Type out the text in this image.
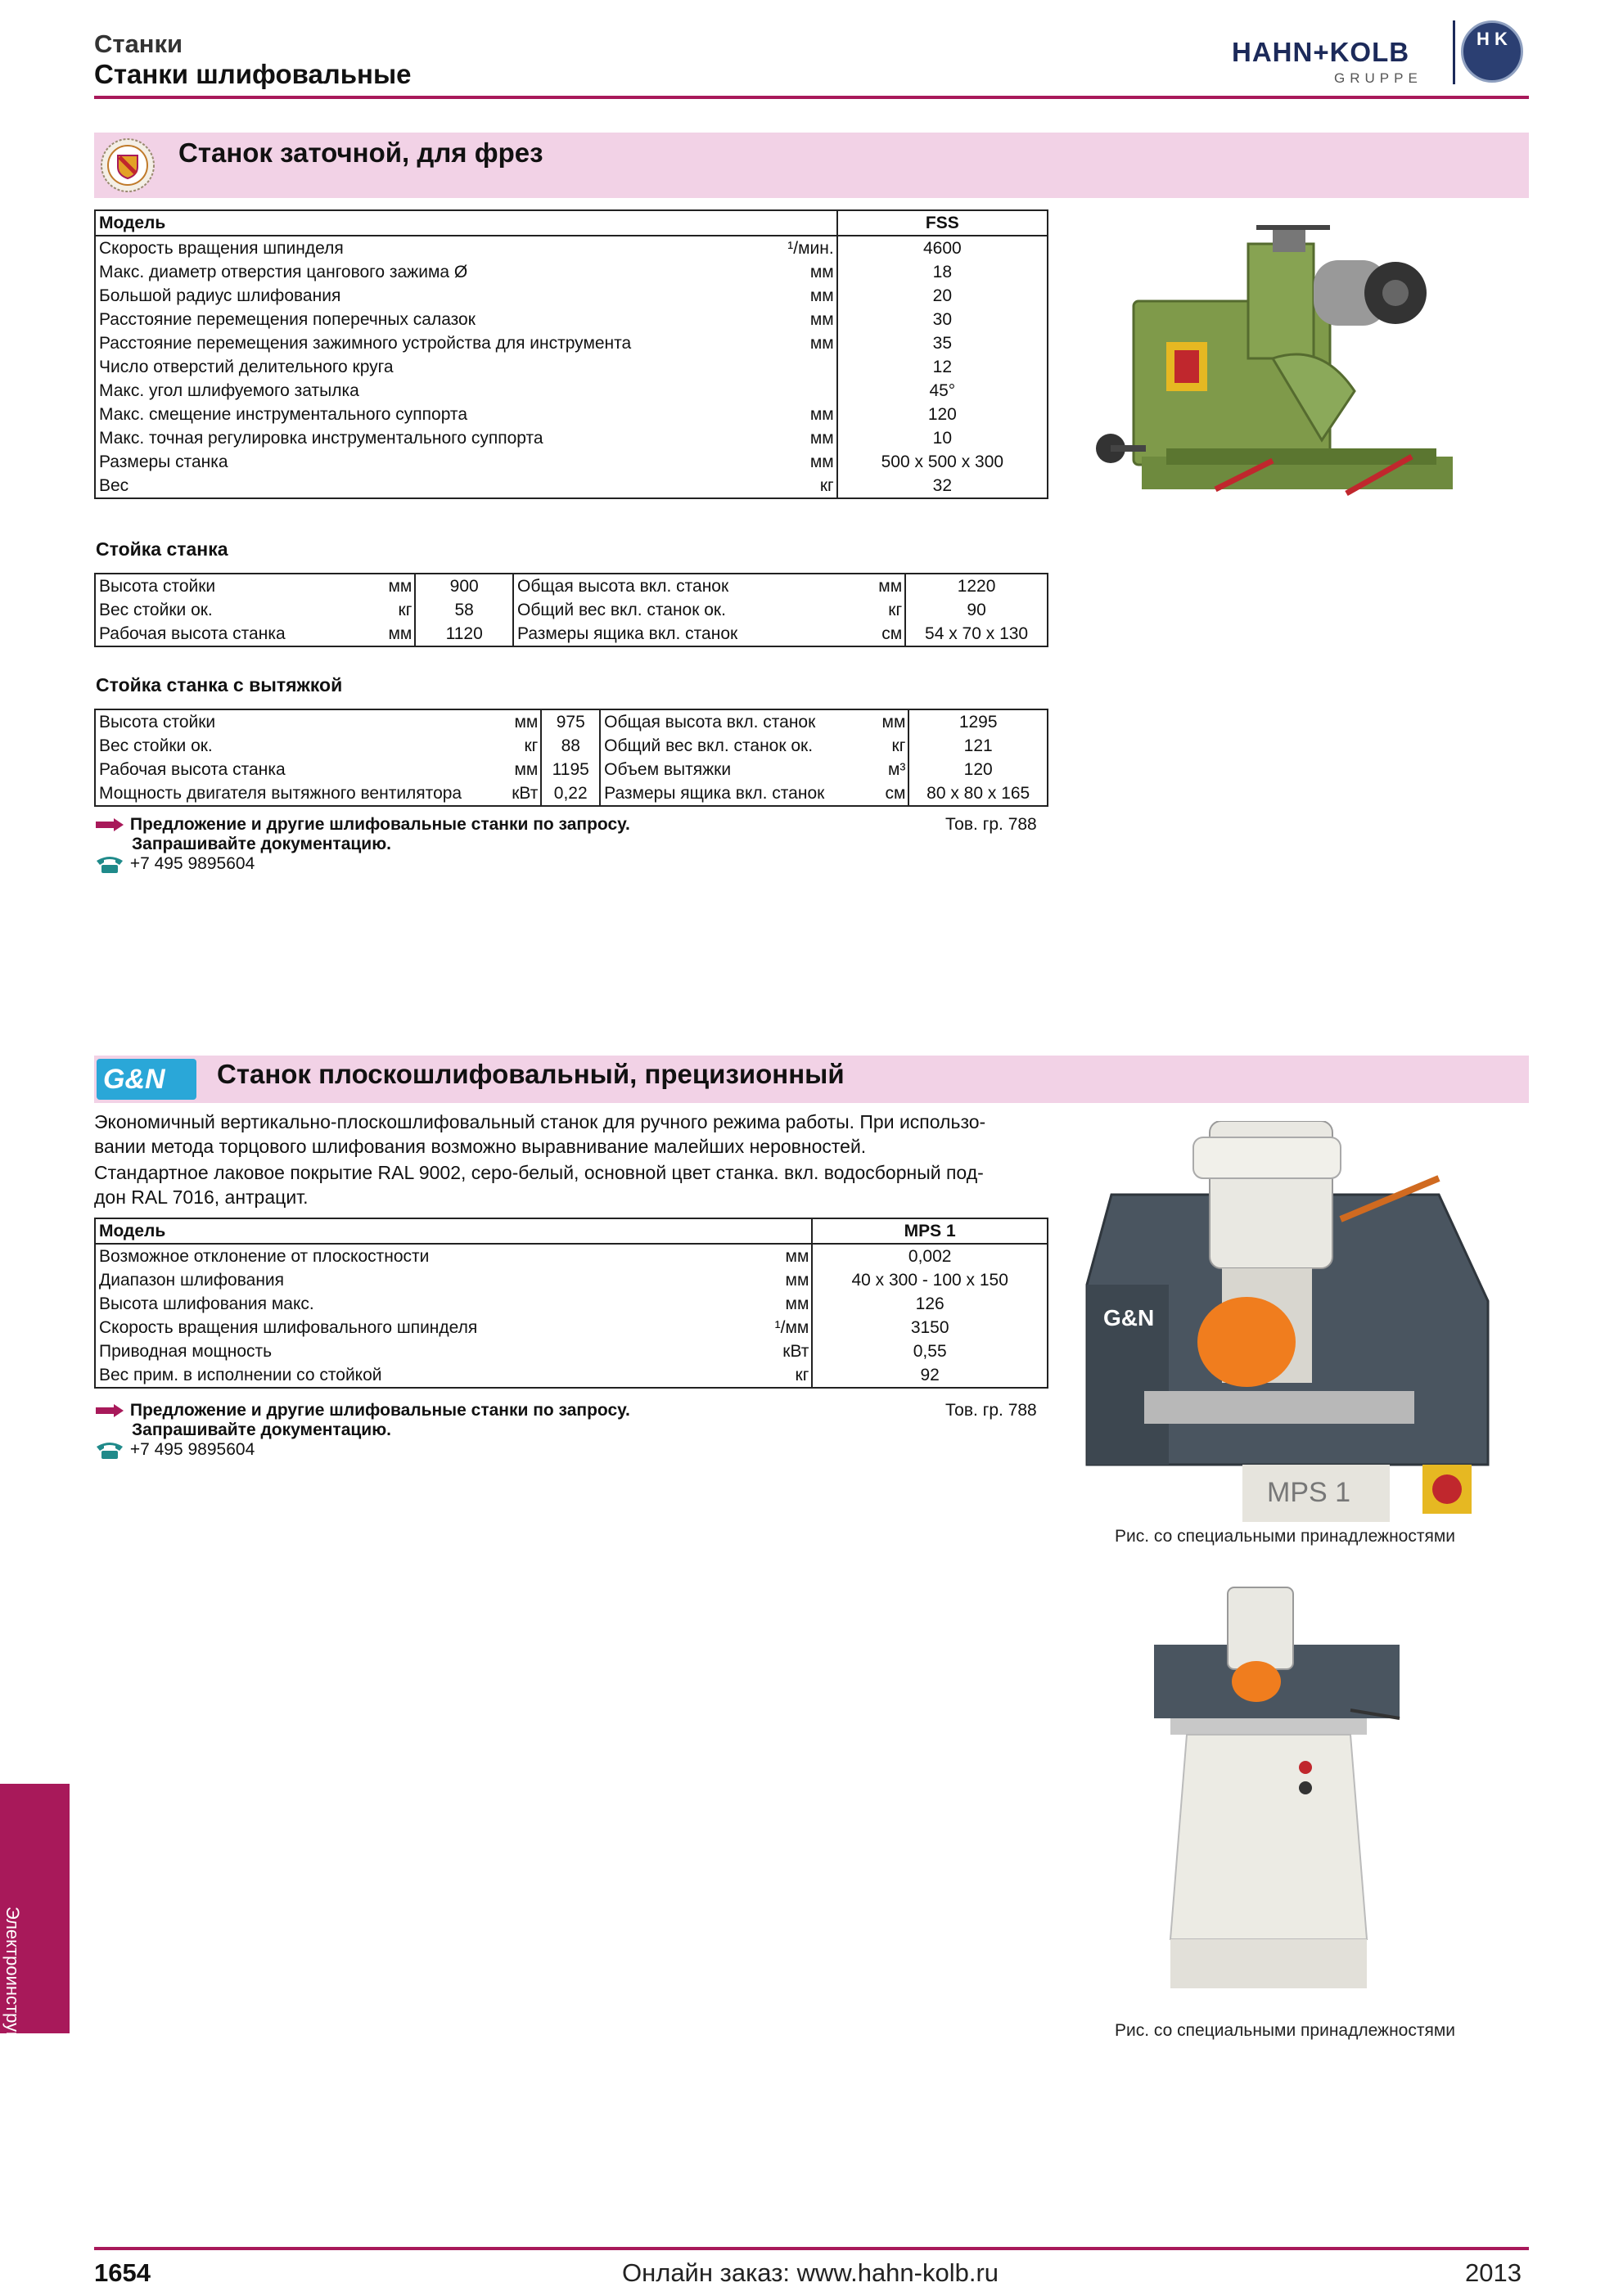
Станки
Станки шлифовальные
HAHN+KOLB
GRUPPE
H K
Станок заточной, для фрез
Модель		FSS
Скорость вращения шпинделя	¹/мин.	4600
Макс. диаметр отверстия цангового зажима Ø	мм	18
Большой радиус шлифования	мм	20
Расстояние перемещения поперечных салазок	мм	30
Расстояние перемещения зажимного устройства для инструмента	мм	35
Число отверстий делительного круга		12
Макс. угол шлифуемого затылка		45°
Макс. смещение инструментального суппорта	мм	120
Макс. точная регулировка инструментального суппорта	мм	10
Размеры станка	мм	500 x 500 x 300
Вес	кг	32
Стойка станка
Высота стойки	мм	900	Общая высота вкл. станок	мм	1220
Вес стойки ок.	кг	58	Общий вес вкл. станок ок.	кг	90
Рабочая высота станка	мм	1120	Размеры ящика вкл. станок	см	54 x 70 x 130
Стойка станка с вытяжкой
Высота стойки	мм	975	Общая высота вкл. станок	мм	1295
Вес стойки ок.	кг	88	Общий вес вкл. станок ок.	кг	121
Рабочая высота станка	мм	1195	Объем вытяжки	м³	120
Мощность двигателя вытяжного вентилятора	кВт	0,22	Размеры ящика вкл. станок	см	80 x 80 x 165
Предложение и другие шлифовальные станки по запросу.
Запрашивайте документацию.
+7 495 9895604
Тов. гр. 788
G&N Станок плоскошлифовальный, прецизионный
Экономичный вертикально-плоскошлифовальный станок для ручного режима работы. При использо-
вании метода торцового шлифования возможно выравнивание малейших неровностей.
Стандартное лаковое покрытие RAL 9002, серо-белый, основной цвет станка. вкл. водосборный под-
дон RAL 7016, антрацит.
Модель		MPS 1
Возможное отклонение от плоскостности	мм	0,002
Диапазон шлифования	мм	40 x 300 - 100 x 150
Высота шлифования макс.	мм	126
Скорость вращения шлифовального шпинделя	¹/мм	3150
Приводная мощность	кВт	0,55
Вес прим. в исполнении со стойкой	кг	92
Предложение и другие шлифовальные станки по запросу.
Запрашивайте документацию.
+7 495 9895604
Тов. гр. 788
MPS 1
G&N
Рис. со специальными принадлежностями
Рис. со специальными принадлежностями
Электроинструмент
1654	Онлайн заказ: www.hahn-kolb.ru	2013
